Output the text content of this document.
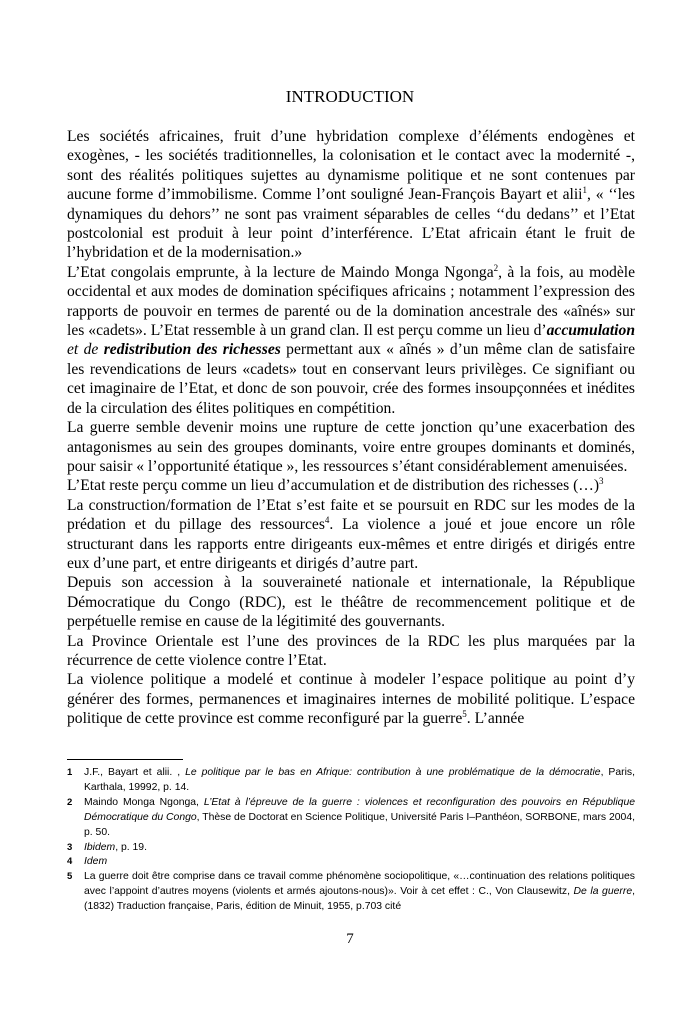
INTRODUCTION

Les sociétés africaines, fruit d’une hybridation complexe d’éléments endogènes et exogènes, - les sociétés traditionnelles, la colonisation et le contact avec la modernité -, sont des réalités politiques sujettes au dynamisme politique et ne sont contenues par aucune forme d’immobilisme. Comme l’ont souligné Jean-François Bayart et alii$^1$, « ‘‘les dynamiques du dehors’’ ne sont pas vraiment séparables de celles ‘‘du dedans’’ et l’Etat postcolonial est produit à leur point d’interférence. L’Etat africain étant le fruit de l’hybridation et de la modernisation.»

L’Etat congolais emprunte, à la lecture de Maindo Monga Ngonga$^2$, à la fois, au modèle occidental et aux modes de domination spécifiques africains ; notamment l’expression des rapports de pouvoir en termes de parenté ou de la domination ancestrale des «aînés» sur les «cadets». L’Etat ressemble à un grand clan. Il est perçu comme un lieu d’accumulation et de redistribution des richesses permettant aux « aînés » d’un même clan de satisfaire les revendications de leurs «cadets» tout en conservant leurs privilèges. Ce signifiant ou cet imaginaire de l’Etat, et donc de son pouvoir, crée des formes insoupçonnées et inédites de la circulation des élites politiques en compétition.

La guerre semble devenir moins une rupture de cette jonction qu’une exacerbation des antagonismes au sein des groupes dominants, voire entre groupes dominants et dominés, pour saisir « l’opportunité étatique », les ressources s’étant considérablement amenuisées.

L’Etat reste perçu comme un lieu d’accumulation et de distribution des richesses (…)$^3$

La construction/formation de l’Etat s’est faite et se poursuit en RDC sur les modes de la prédation et du pillage des ressources$^4$. La violence a joué et joue encore un rôle structurant dans les rapports entre dirigeants eux-mêmes et entre dirigés et dirigés entre eux d’une part, et entre dirigeants et dirigés d’autre part.

Depuis son accession à la souveraineté nationale et internationale, la République Démocratique du Congo (RDC), est le théâtre de recommencement politique et de perpétuelle remise en cause de la légitimité des gouvernants.

La Province Orientale est l’une des provinces de la RDC les plus marquées par la récurrence de cette violence contre l’Etat.

La violence politique a modelé et continue à modeler l’espace politique au point d’y générer des formes, permanences et imaginaires internes de mobilité politique. L’espace politique de cette province est comme reconfiguré par la guerre$^5$. L’année

1	J.F., Bayart et alii. , Le politique par le bas en Afrique: contribution à une problématique de la démocratie, Paris, Karthala, 19992, p. 14.
2	Maindo Monga Ngonga, L’Etat à l’épreuve de la guerre : violences et reconfiguration des pouvoirs en République Démocratique du Congo, Thèse de Doctorat en Science Politique, Université Paris I–Panthéon, SORBONE, mars 2004, p. 50.
3	Ibidem, p. 19.
4	Idem
5	La guerre doit être comprise dans ce travail comme phénomène sociopolitique, «…continuation des relations politiques avec l’appoint d’autres moyens (violents et armés ajoutons-nous)». Voir à cet effet : C., Von Clausewitz, De la guerre, (1832) Traduction française, Paris, édition de Minuit, 1955, p.703 cité
7
